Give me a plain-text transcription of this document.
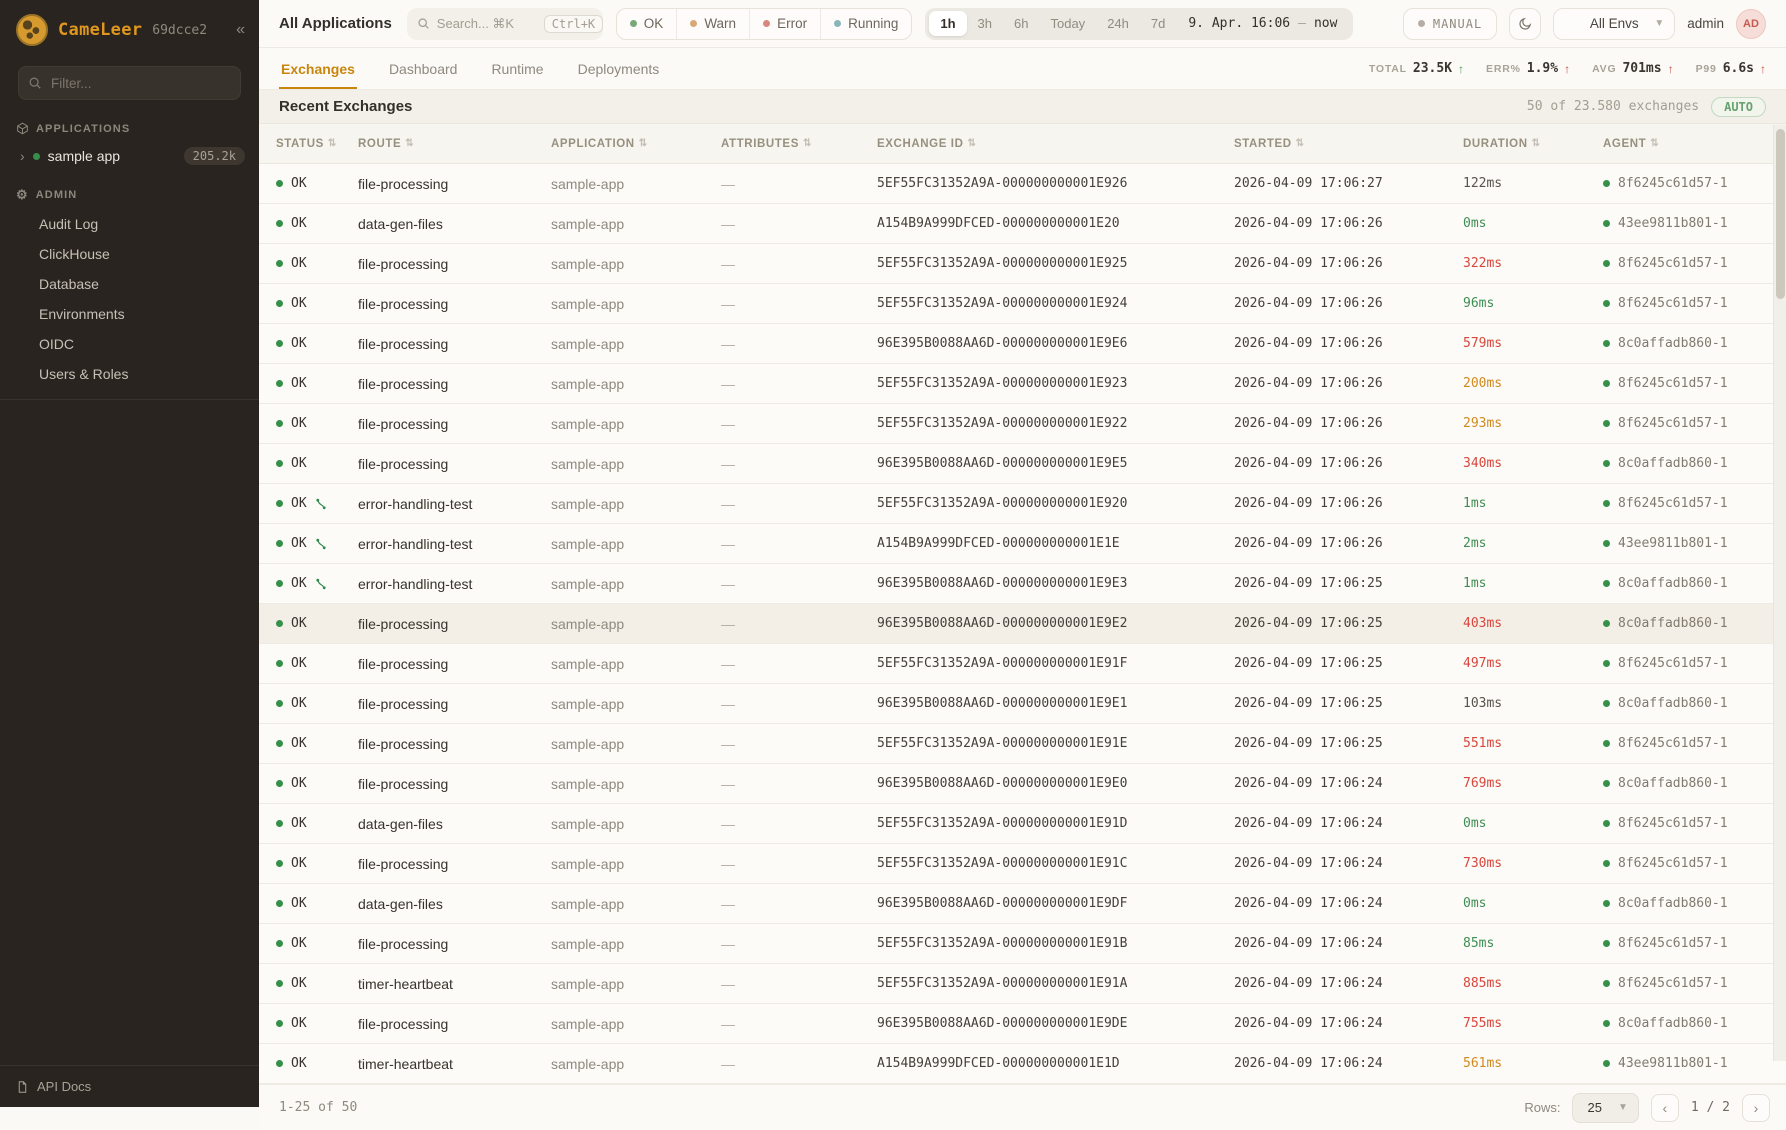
CameLeer 69dcce2 «
Filter...
APPLICATIONS
› sample app	205.2k
⚙ ADMIN
Audit Log
ClickHouse
Database
Environments
OIDC
Users & Roles
API Docs
All Applications
Search... ⌘K	Ctrl+K	OK	Warn	Error	Running	9. Apr. 16:06 – now
1h	3h	6h	Today	24h	7d	MANUAL	All Envs ▼ admin	AD
Exchanges Dashboard Runtime Deployments	TOTAL 23.5K ↑ ERR% 1.9% ↑ AVG 701ms ↑ P99 6.6s ↑
Recent Exchanges	50 of 23.580 exchanges	AUTO
STATUS ⇅ ROUTE ⇅	APPLICATION ⇅	ATTRIBUTES ⇅	EXCHANGE ID ⇅	STARTED ⇅	DURATION ⇅	AGENT ⇅
OK	file-processing	sample-app	—	5EF55FC31352A9A-000000000001E926	2026-04-09 17:06:27	122ms	8f6245c61d57-1
OK	data-gen-files	sample-app	—	A154B9A999DFCED-000000000001E20	2026-04-09 17:06:26	0ms	43ee9811b801-1
OK	file-processing	sample-app	—	5EF55FC31352A9A-000000000001E925	2026-04-09 17:06:26	322ms	8f6245c61d57-1
OK	file-processing	sample-app	—	5EF55FC31352A9A-000000000001E924	2026-04-09 17:06:26	96ms	8f6245c61d57-1
OK	file-processing	sample-app	—	96E395B0088AA6D-000000000001E9E6	2026-04-09 17:06:26	579ms	8c0affadb860-1
OK	file-processing	sample-app	—	5EF55FC31352A9A-000000000001E923	2026-04-09 17:06:26	200ms	8f6245c61d57-1
OK	file-processing	sample-app	—	5EF55FC31352A9A-000000000001E922	2026-04-09 17:06:26	293ms	8f6245c61d57-1
OK	file-processing	sample-app	—	96E395B0088AA6D-000000000001E9E5	2026-04-09 17:06:26	340ms	8c0affadb860-1
OK	error-handling-test	sample-app	—	5EF55FC31352A9A-000000000001E920	2026-04-09 17:06:26	1ms	8f6245c61d57-1
OK	error-handling-test	sample-app	—	A154B9A999DFCED-000000000001E1E	2026-04-09 17:06:26	2ms	43ee9811b801-1
OK	error-handling-test	sample-app	—	96E395B0088AA6D-000000000001E9E3	2026-04-09 17:06:25	1ms	8c0affadb860-1
OK	file-processing	sample-app	—	96E395B0088AA6D-000000000001E9E2	2026-04-09 17:06:25	403ms	8c0affadb860-1
OK	file-processing	sample-app	—	5EF55FC31352A9A-000000000001E91F	2026-04-09 17:06:25	497ms	8f6245c61d57-1
OK	file-processing	sample-app	—	96E395B0088AA6D-000000000001E9E1	2026-04-09 17:06:25	103ms	8c0affadb860-1
OK	file-processing	sample-app	—	5EF55FC31352A9A-000000000001E91E	2026-04-09 17:06:25	551ms	8f6245c61d57-1
OK	file-processing	sample-app	—	96E395B0088AA6D-000000000001E9E0	2026-04-09 17:06:24	769ms	8c0affadb860-1
OK	data-gen-files	sample-app	—	5EF55FC31352A9A-000000000001E91D	2026-04-09 17:06:24	0ms	8f6245c61d57-1
OK	file-processing	sample-app	—	5EF55FC31352A9A-000000000001E91C	2026-04-09 17:06:24	730ms	8f6245c61d57-1
OK	data-gen-files	sample-app	—	96E395B0088AA6D-000000000001E9DF	2026-04-09 17:06:24	0ms	8c0affadb860-1
OK	file-processing	sample-app	—	5EF55FC31352A9A-000000000001E91B	2026-04-09 17:06:24	85ms	8f6245c61d57-1
OK	timer-heartbeat	sample-app	—	5EF55FC31352A9A-000000000001E91A	2026-04-09 17:06:24	885ms	8f6245c61d57-1
OK	file-processing	sample-app	—	96E395B0088AA6D-000000000001E9DE	2026-04-09 17:06:24	755ms	8c0affadb860-1
OK	timer-heartbeat	sample-app	—	A154B9A999DFCED-000000000001E1D	2026-04-09 17:06:24	561ms	43ee9811b801-1
1-25 of 50	Rows: 25 ▼	‹	1 / 2	›
